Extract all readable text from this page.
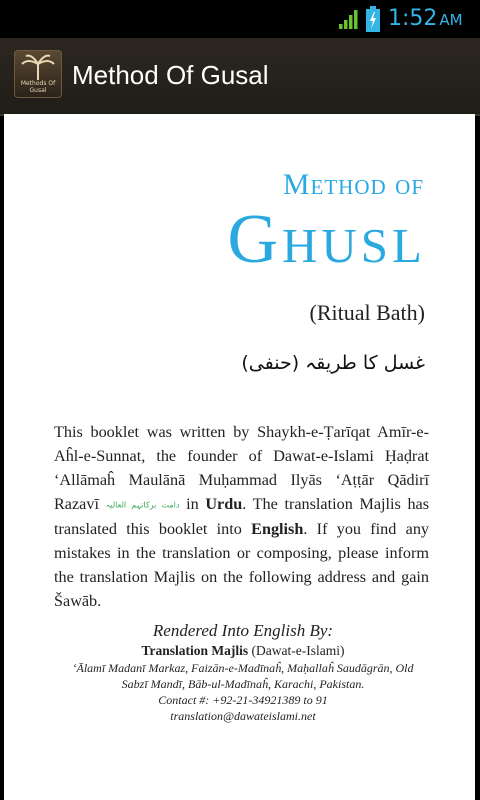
1:52 AM
Methods Of Gusal
Method Of Gusal
Method of
Ghusl
(Ritual Bath)
غسل کا طریقہ (حنفی)
This booklet was written by Shaykh-e-Ṭarīqat Amīr-e-Aĥl-e-Sunnat, the founder of Dawat-e-Islami Ḥaḍrat ‘Allāmaĥ Maulānā Muḥammad Ilyās ‘Aṭṭār Qādirī Razavī دامت برکاتہم العالیہ in Urdu. The translation Majlis has translated this booklet into English. If you find any mistakes in the translation or composing, please inform the translation Majlis on the following address and gain Šawāb.
Rendered Into English By:
Translation Majlis (Dawat-e-Islami)
‘Ālamī Madanī Markaz, Faizān-e-Madīnaĥ, Maḥallaĥ Saudāgrān, Old
Sabzī Mandī, Bāb-ul-Madīnaĥ, Karachi, Pakistan.
Contact #: +92-21-34921389 to 91
translation@dawateislami.net
